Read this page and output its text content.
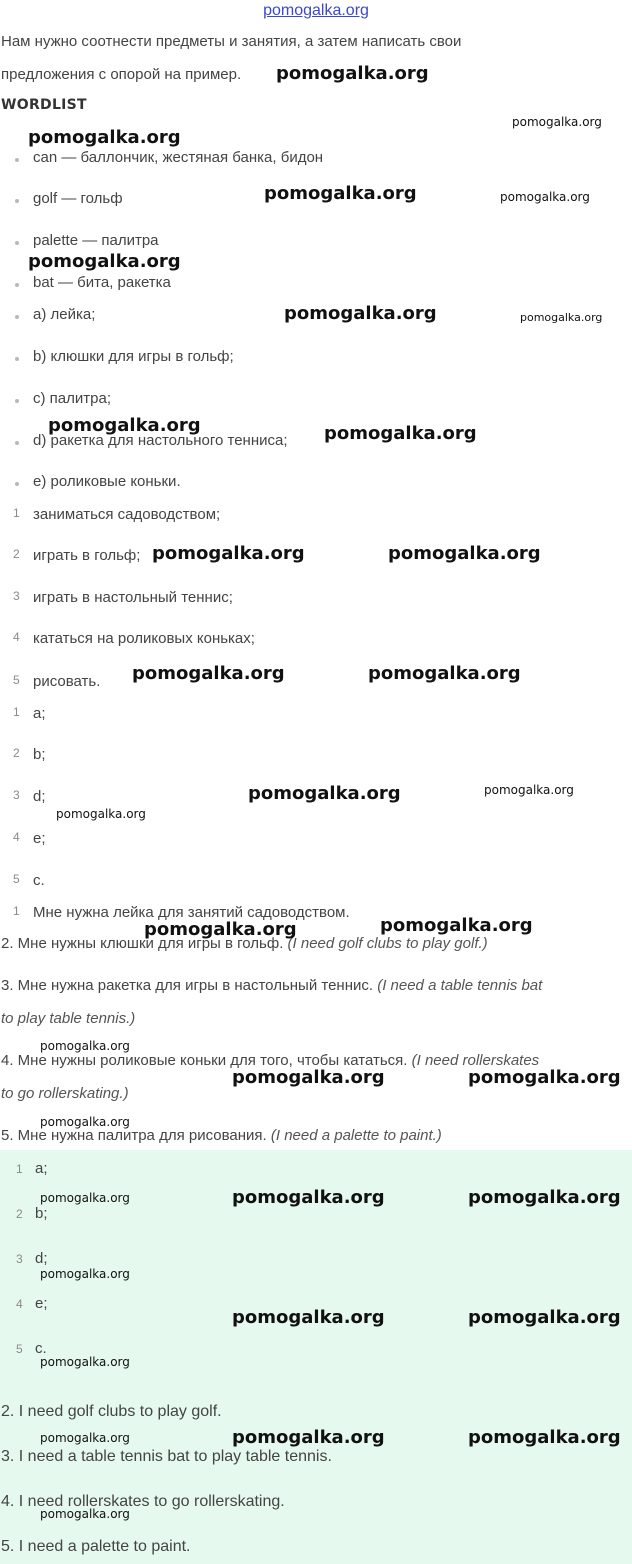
pomogalka.org
Нам нужно соотнести предметы и занятия, а затем написать свои
предложения с опорой на пример.
WORDLIST
can — баллончик, жестяная банка, бидон
golf — гольф
palette — палитра
bat — бита, ракетка
а) лейка;
b) клюшки для игры в гольф;
с) палитра;
d) ракетка для настольного тенниса;
е) роликовые коньки.
1 заниматься садоводством;
2 играть в гольф;
3 играть в настольный теннис;
4 кататься на роликовых коньках;
5 рисовать.
1 a;
2 b;
3 d;
4 e;
5 c.
1 Мне нужна лейка для занятий садоводством.
2. Мне нужны клюшки для игры в гольф. (I need golf clubs to play golf.)
3. Мне нужна ракетка для игры в настольный теннис. (I need a table tennis bat
to play table tennis.)
4. Мне нужны роликовые коньки для того, чтобы кататься. (I need rollerskates
to go rollerskating.)
5. Мне нужна палитра для рисования. (I need a palette to paint.)
1 a;
2 b;
3 d;
4 e;
5 c.
2. I need golf clubs to play golf.
3. I need a table tennis bat to play table tennis.
4. I need rollerskates to go rollerskating.
5. I need a palette to paint.
pomogalka.org
pomogalka.org
pomogalka.org
pomogalka.org	pomogalka.org
pomogalka.org
pomogalka.org	pomogalka.org
pomogalka.org	pomogalka.org
pomogalka.org	pomogalka.org
pomogalka.org	pomogalka.org
pomogalka.org	pomogalka.org
pomogalka.org
pomogalka.org	pomogalka.org
pomogalka.org
pomogalka.org	pomogalka.org
pomogalka.org
pomogalka.org	pomogalka.org	pomogalka.org
pomogalka.org
pomogalka.org	pomogalka.org
pomogalka.org
pomogalka.org	pomogalka.org	pomogalka.org
pomogalka.org
